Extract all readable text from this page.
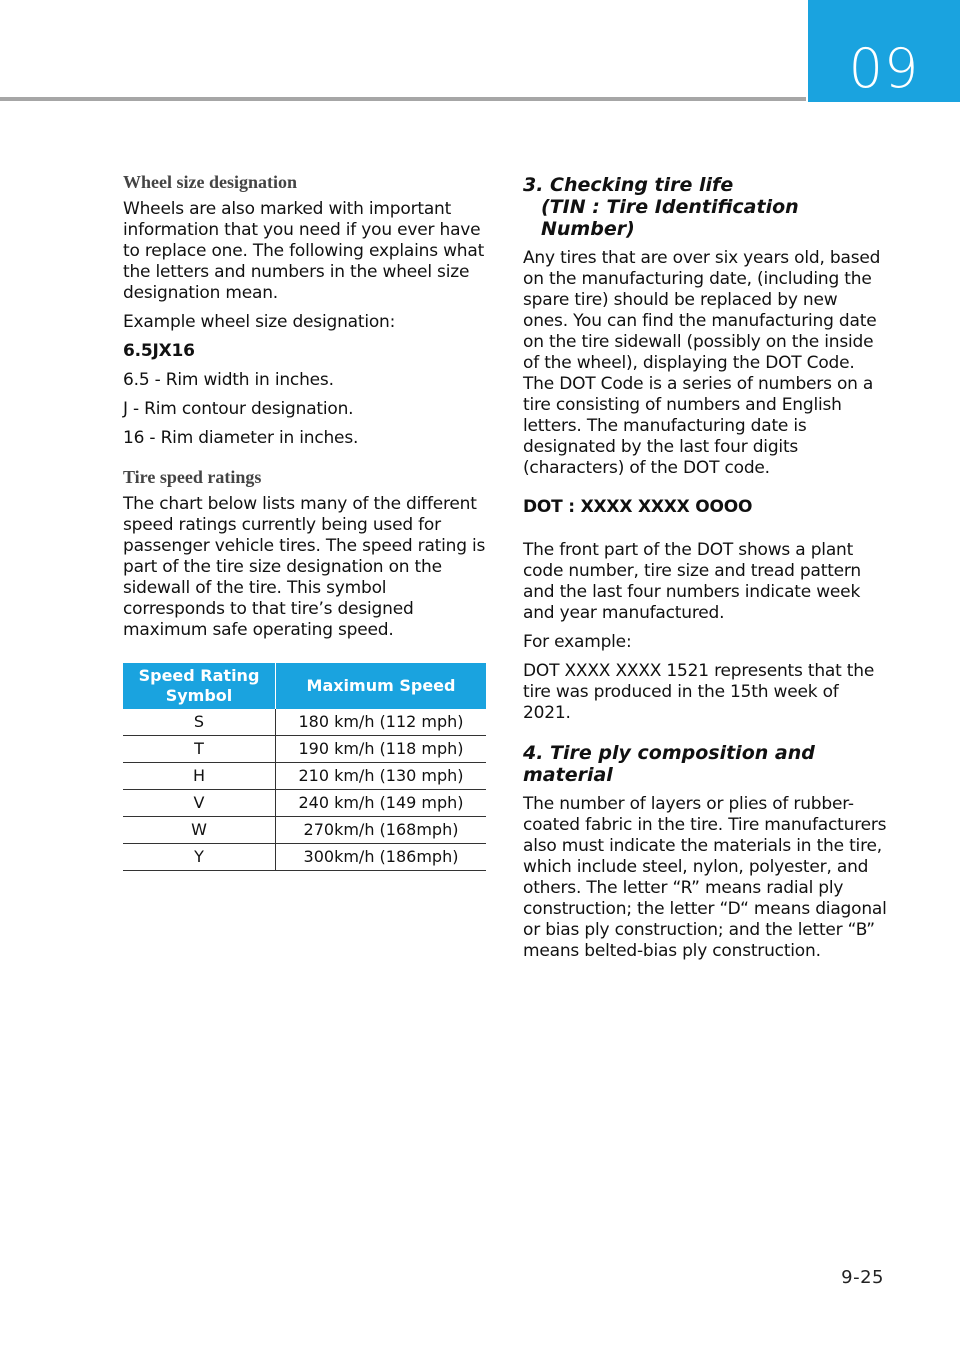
09
Wheel size designation

Wheels are also marked with important information that you need if you ever have to replace one. The following explains what the letters and numbers in the wheel size designation mean.

Example wheel size designation:

6.5JX16

6.5 - Rim width in inches.

J - Rim contour designation.

16 - Rim diameter in inches.

Tire speed ratings

The chart below lists many of the different speed ratings currently being used for passenger vehicle tires. The speed rating is part of the tire size designation on the sidewall of the tire. This symbol corresponds to that tire’s designed maximum safe operating speed.

Speed Rating Symbol	Maximum Speed
S	180 km/h (112 mph)
T	190 km/h (118 mph)
H	210 km/h (130 mph)
V	240 km/h (149 mph)
W	270km/h (168mph)
Y	300km/h (186mph)
3. Checking tire life
(TIN : Tire Identification Number)

Any tires that are over six years old, based on the manufacturing date, (including the spare tire) should be replaced by new ones. You can find the manufacturing date on the tire sidewall (possibly on the inside of the wheel), displaying the DOT Code. The DOT Code is a series of numbers on a tire consisting of numbers and English letters. The manufacturing date is designated by the last four digits (characters) of the DOT code.

DOT : XXXX XXXX OOOO

The front part of the DOT shows a plant code number, tire size and tread pattern and the last four numbers indicate week and year manufactured.

For example:

DOT XXXX XXXX 1521 represents that the tire was produced in the 15th week of 2021.

4. Tire ply composition and material

The number of layers or plies of rubber-coated fabric in the tire. Tire manufacturers also must indicate the materials in the tire, which include steel, nylon, polyester, and others. The letter “R” means radial ply construction; the letter “D“ means diagonal or bias ply construction; and the letter “B” means belted-bias ply construction.

9-25
